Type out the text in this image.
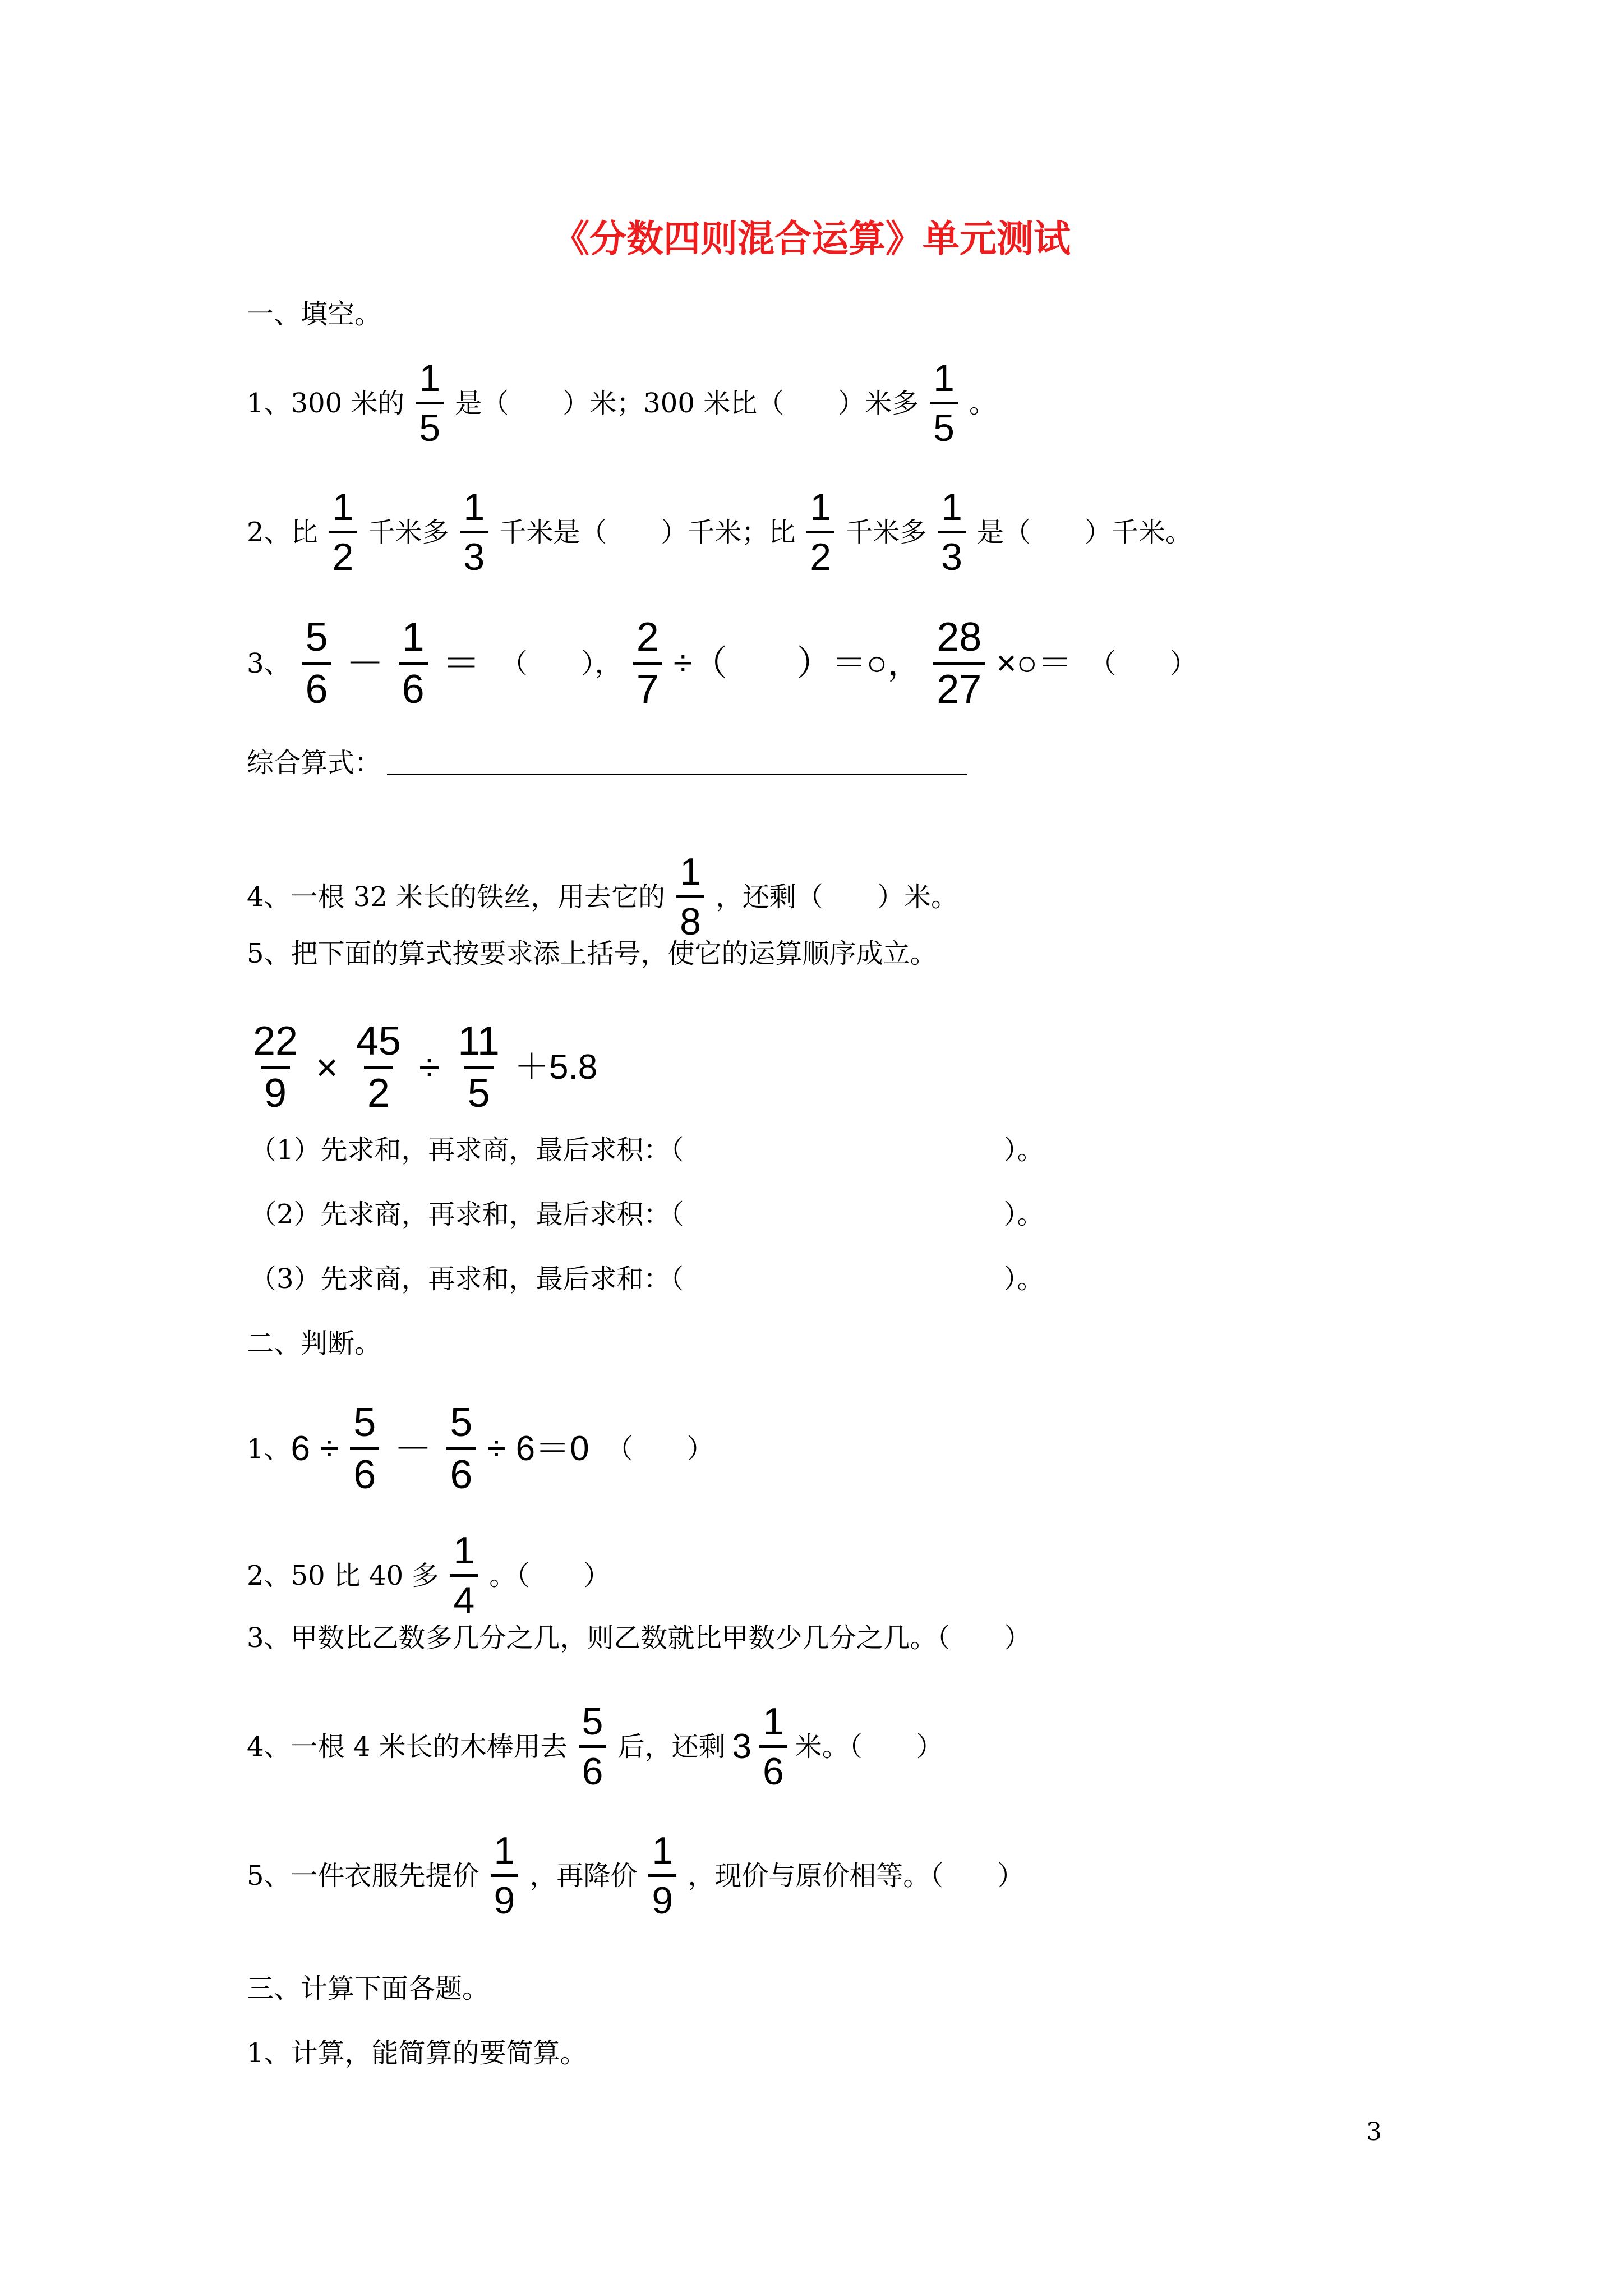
《分数四则混合运算》单元测试
一、填空。
1、300 米的 $\frac{1}{5}$ 是（　　）米；300 米比（　　）米多 $\frac{1}{5}$ 。
2、比 $\frac{1}{2}$ 千米多 $\frac{1}{3}$ 千米是（　　）千米；比 $\frac{1}{2}$ 千米多 $\frac{1}{3}$ 是（　　）千米。
3、 $\frac{5}{6} - \frac{1}{6}$ ＝ （　　）， $\frac{2}{7}$ ÷（　　）＝○， $\frac{28}{27}$ ×○＝ （　　）
综合算式：
4、一根 32 米长的铁丝，用去它的 $\frac{1}{8}$ ，还剩（　　）米。
5、把下面的算式按要求添上括号，使它的运算顺序成立。
$\frac{22}{9} \times \frac{45}{2} \div \frac{11}{5} +5.8$
（1）先求和，再求商，最后求积：（	）。
（2）先求商，再求和，最后求积：（	）。
（3）先求商，再求和，最后求和：（	）。
二、判断。
1、 $6 \div \frac{5}{6} - \frac{5}{6} \div 6=0$ （　　）
2、50 比 40 多 $\frac{1}{4}$ 。（　　）
3、甲数比乙数多几分之几，则乙数就比甲数少几分之几。（　　）
4、一根 4 米长的木棒用去 $\frac{5}{6}$ 后，还剩 $3 \frac{1}{6}$ 米。（　　）
5、一件衣服先提价 $\frac{1}{9}$ ，再降价 $\frac{1}{9}$ ，现价与原价相等。（　　）
三、计算下面各题。
1、计算，能简算的要简算。
3
